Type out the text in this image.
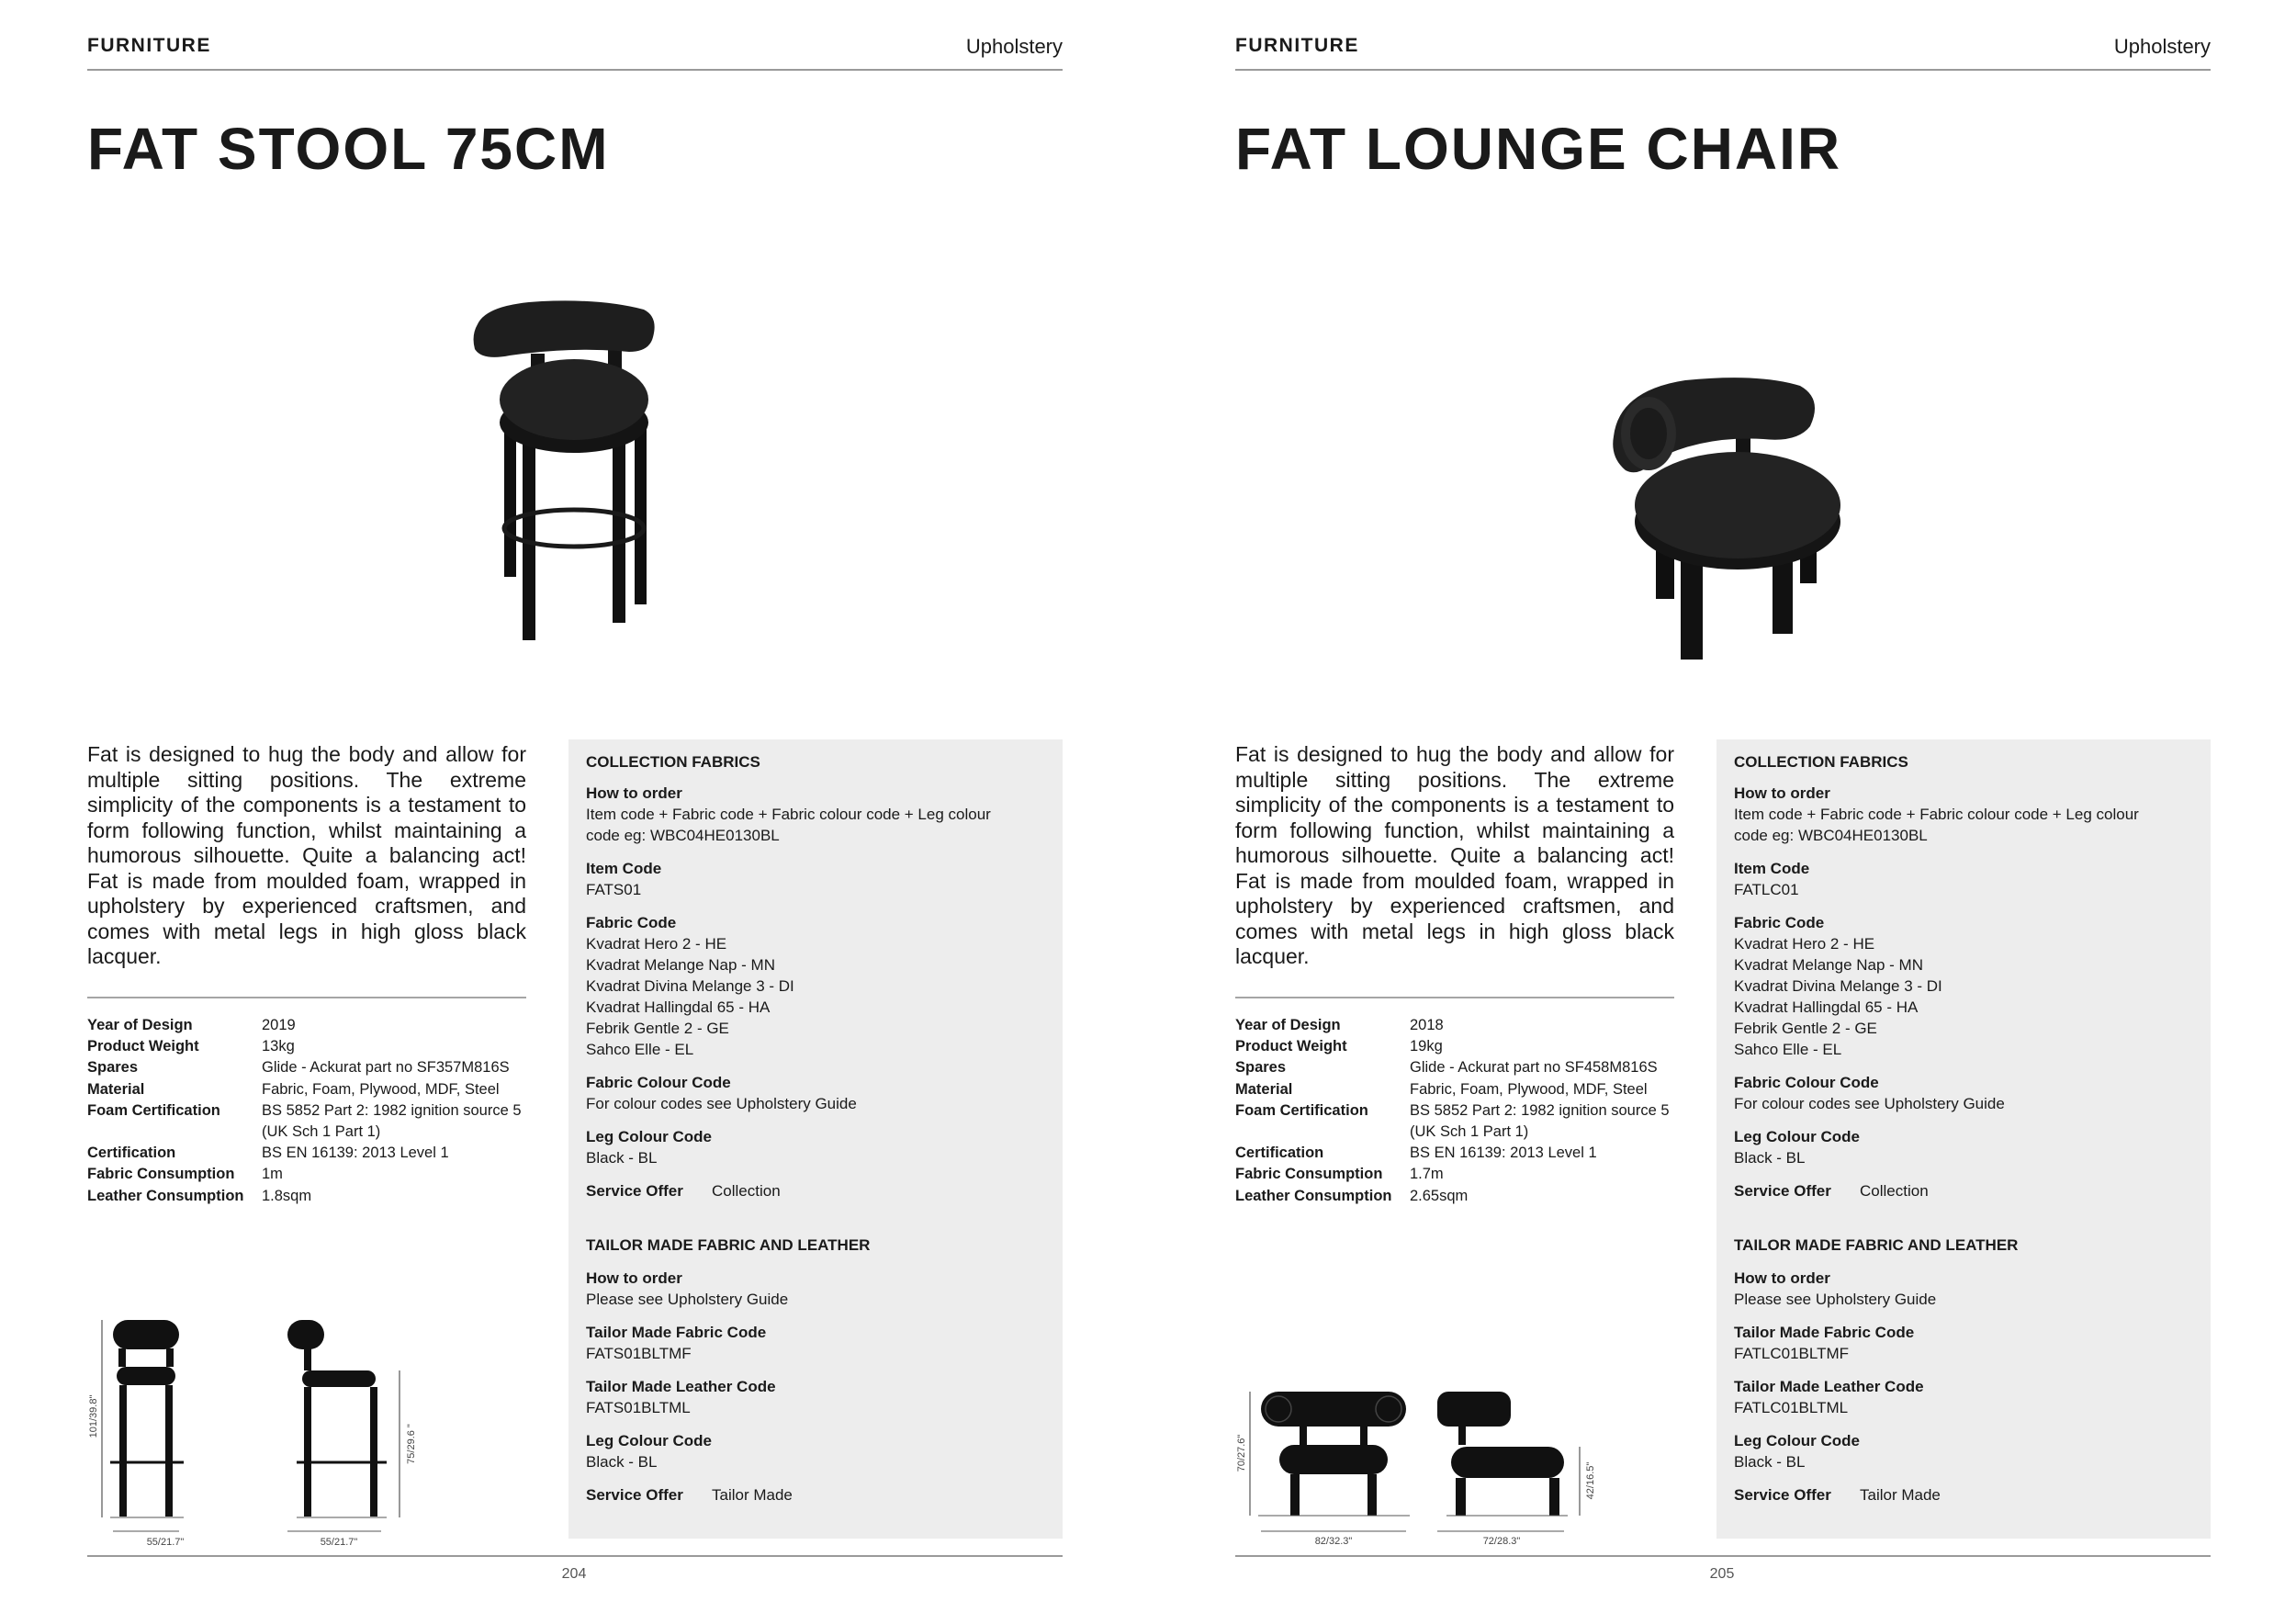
FURNITURE	Upholstery
FAT STOOL 75CM

Fat is designed to hug the body and allow for multiple sitting positions. The extreme simplicity of the components is a testament to form following function, whilst maintaining a humorous silhouette. Quite a balancing act! Fat is made from moulded foam, wrapped in upholstery by experienced craftsmen, and comes with metal legs in high gloss black lacquer.

Year of Design	2019
Product Weight	13kg
Spares	Glide - Ackurat part no SF357M816S
Material	Fabric, Foam, Plywood, MDF, Steel
Foam Certification	BS 5852 Part 2: 1982 ignition source 5 (UK Sch 1 Part 1)
Certification	BS EN 16139: 2013 Level 1
Fabric Consumption	1m
Leather Consumption	1.8sqm
COLLECTION FABRICS
How to order
Item code + Fabric code + Fabric colour code + Leg colour
code eg: WBC04HE0130BL
Item Code
FATS01
Fabric Code
Kvadrat Hero 2 - HE
Kvadrat Melange Nap - MN
Kvadrat Divina Melange 3 - DI
Kvadrat Hallingdal 65 - HA
Febrik Gentle 2 - GE
Sahco Elle - EL
Fabric Colour Code
For colour codes see Upholstery Guide
Leg Colour Code
Black - BL
Service Offer Collection
TAILOR MADE FABRIC AND LEATHER
How to order
Please see Upholstery Guide
Tailor Made Fabric Code
FATS01BLTMF
Tailor Made Leather Code
FATS01BLTML
Leg Colour Code
Black - BL
Service Offer Tailor Made
101/39.8"
55/21.7"
75/29.6 "
55/21.7"
204
FURNITURE	Upholstery
FAT LOUNGE CHAIR

Fat is designed to hug the body and allow for multiple sitting positions. The extreme simplicity of the components is a testament to form following function, whilst maintaining a humorous silhouette. Quite a balancing act! Fat is made from moulded foam, wrapped in upholstery by experienced craftsmen, and comes with metal legs in high gloss black lacquer.

Year of Design	2018
Product Weight	19kg
Spares	Glide - Ackurat part no SF458M816S
Material	Fabric, Foam, Plywood, MDF, Steel
Foam Certification	BS 5852 Part 2: 1982 ignition source 5 (UK Sch 1 Part 1)
Certification	BS EN 16139: 2013 Level 1
Fabric Consumption	1.7m
Leather Consumption	2.65sqm
COLLECTION FABRICS
How to order
Item code + Fabric code + Fabric colour code + Leg colour
code eg: WBC04HE0130BL
Item Code
FATLC01
Fabric Code
Kvadrat Hero 2 - HE
Kvadrat Melange Nap - MN
Kvadrat Divina Melange 3 - DI
Kvadrat Hallingdal 65 - HA
Febrik Gentle 2 - GE
Sahco Elle - EL
Fabric Colour Code
For colour codes see Upholstery Guide
Leg Colour Code
Black - BL
Service Offer Collection
TAILOR MADE FABRIC AND LEATHER
How to order
Please see Upholstery Guide
Tailor Made Fabric Code
FATLC01BLTMF
Tailor Made Leather Code
FATLC01BLTML
Leg Colour Code
Black - BL
Service Offer Tailor Made
70/27.6"
82/32.3"
42/16.5"
72/28.3"
205
